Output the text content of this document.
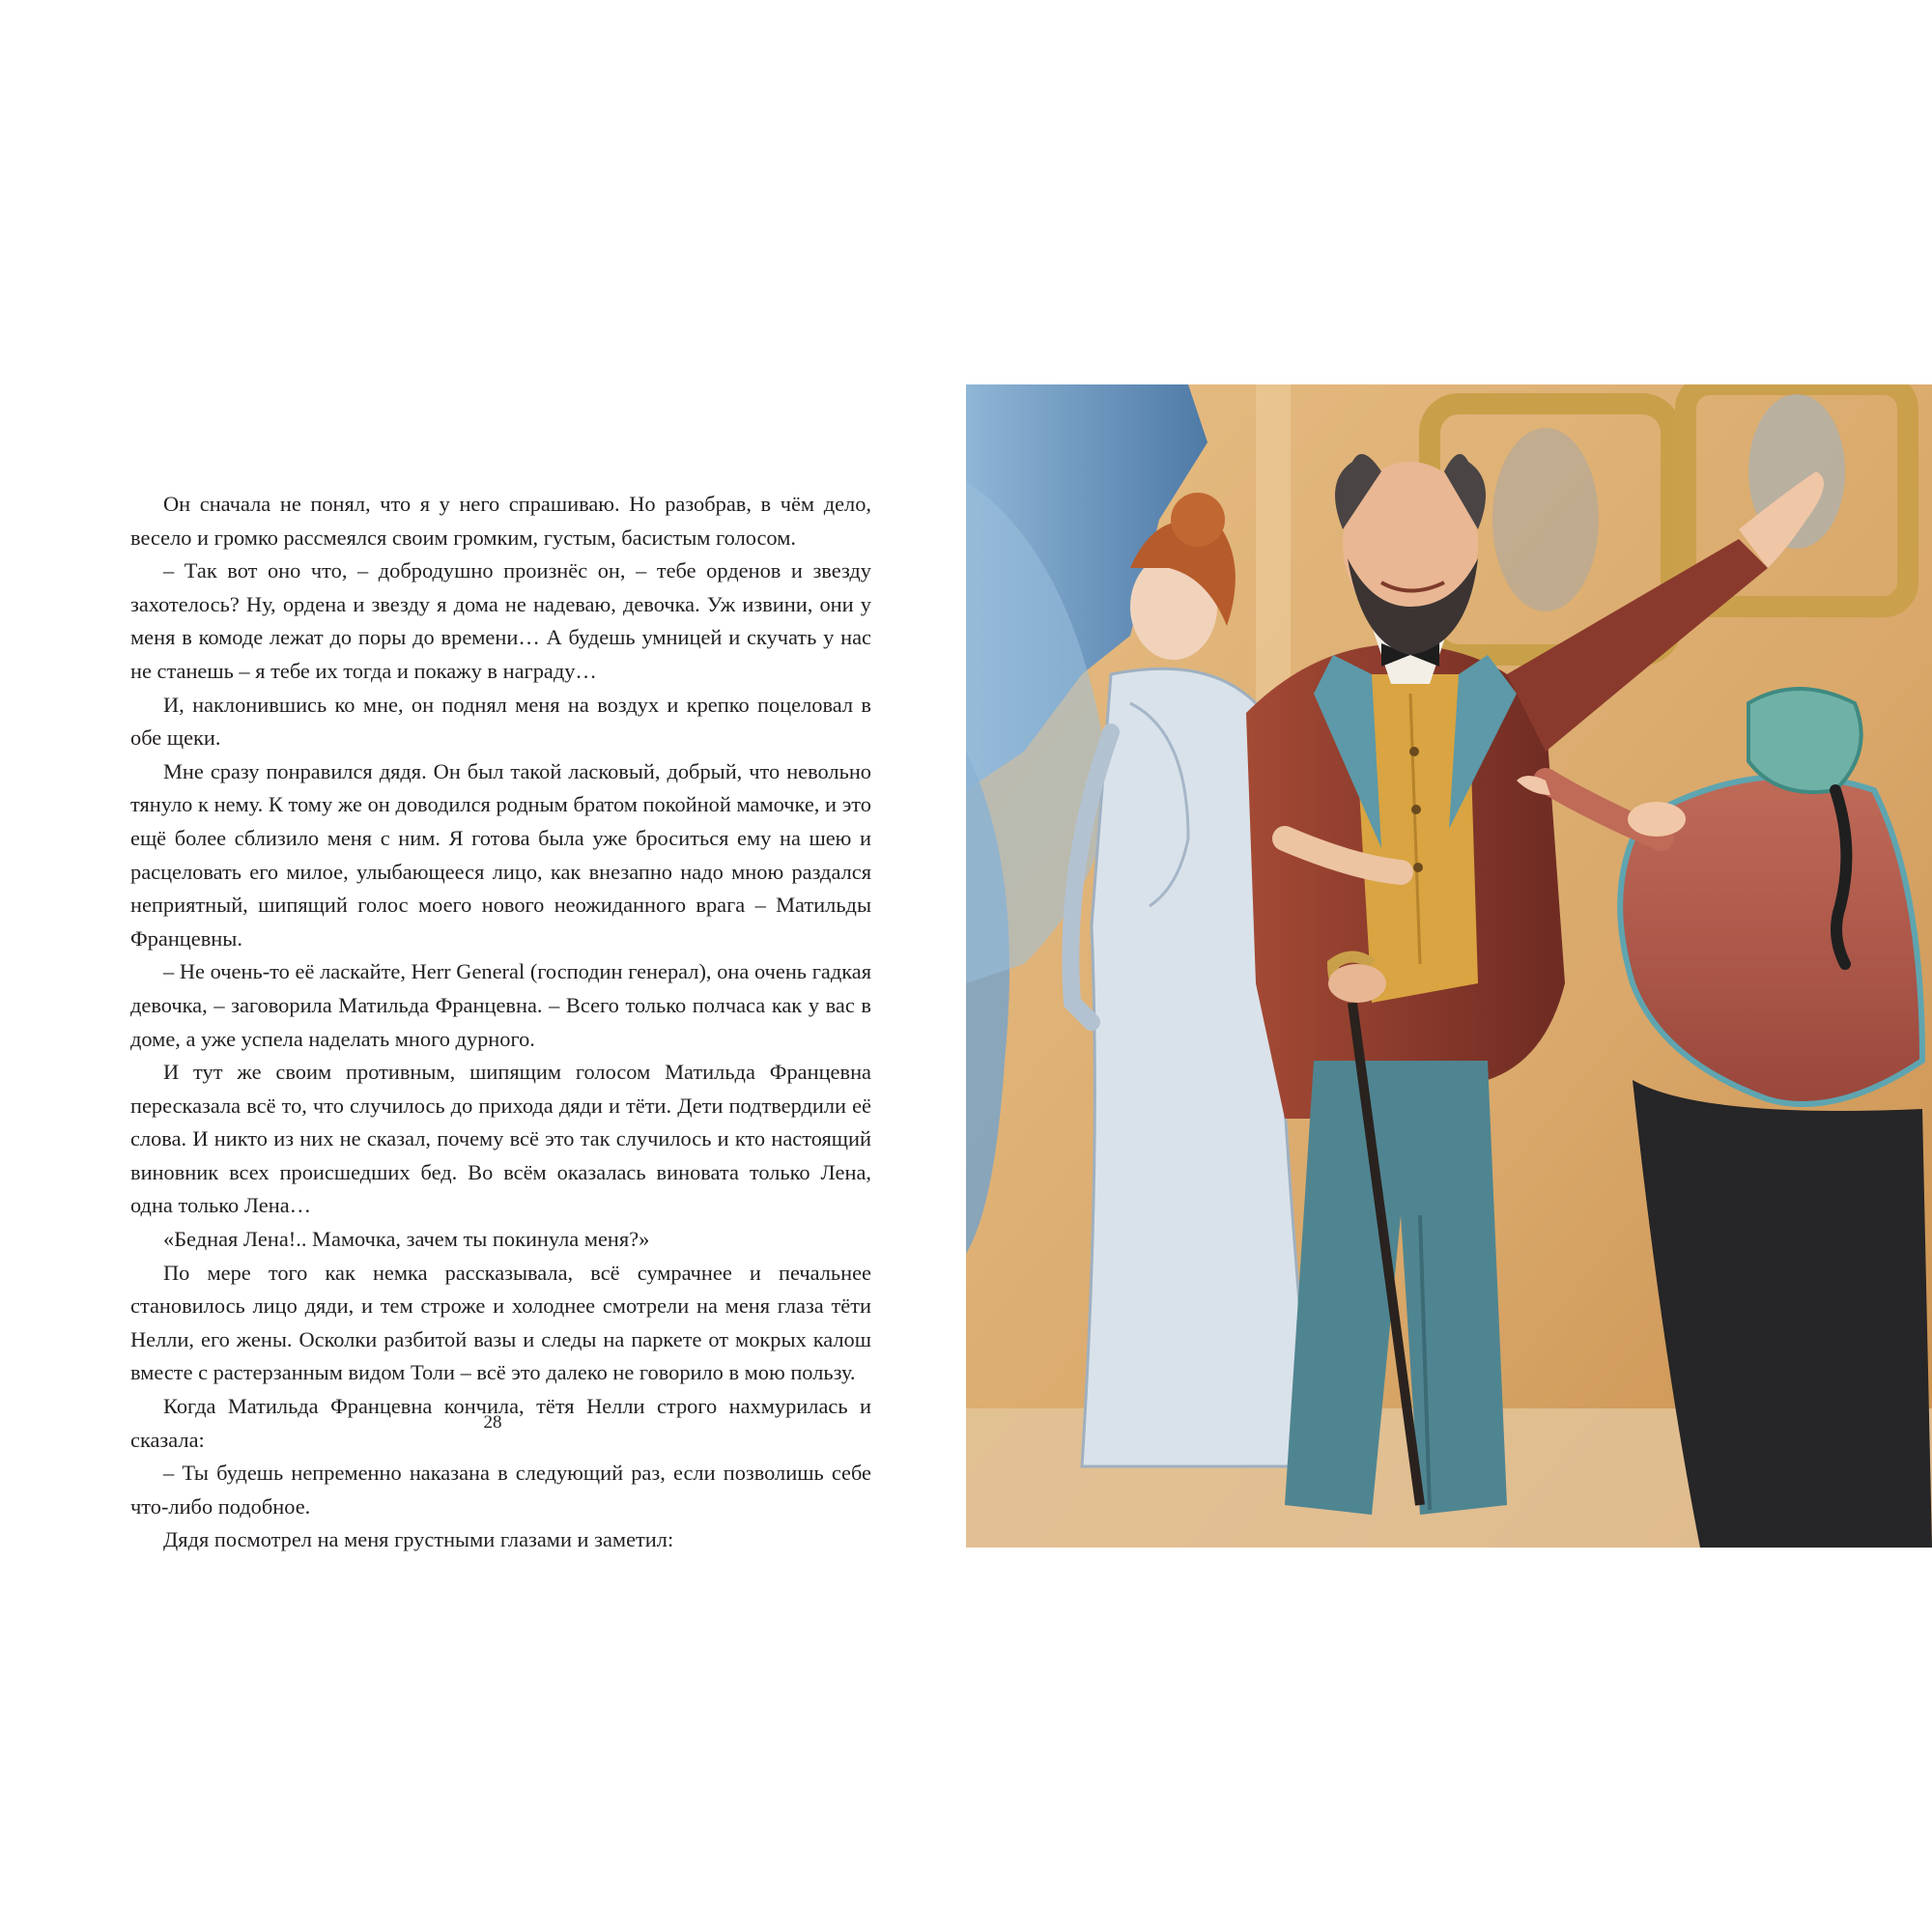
Он сначала не понял, что я у него спрашиваю. Но разобрав, в чём дело, весело и громко рассмеялся своим громким, густым, басистым голосом.

– Так вот оно что, – добродушно произнёс он, – тебе орденов и звезду захотелось? Ну, ордена и звезду я дома не надеваю, девочка. Уж извини, они у меня в комоде лежат до поры до времени… А будешь умницей и скучать у нас не станешь – я тебе их тогда и покажу в награду…

И, наклонившись ко мне, он поднял меня на воздух и крепко поцеловал в обе щеки.

Мне сразу понравился дядя. Он был такой ласковый, добрый, что невольно тянуло к нему. К тому же он доводился родным братом покойной мамочке, и это ещё более сблизило меня с ним. Я готова была уже броситься ему на шею и расцеловать его милое, улыбающееся лицо, как внезапно надо мною раздался неприятный, шипящий голос моего нового неожиданного врага – Матильды Францевны.

– Не очень-то её ласкайте, Herr General (господин генерал), она очень гадкая девочка, – заговорила Матильда Францевна. – Всего только полчаса как у вас в доме, а уже успела наделать много дурного.

И тут же своим противным, шипящим голосом Матильда Францевна пересказала всё то, что случилось до прихода дяди и тёти. Дети подтвердили её слова. И никто из них не сказал, почему всё это так случилось и кто настоящий виновник всех происшедших бед. Во всём оказалась виновата только Лена, одна только Лена…

«Бедная Лена!.. Мамочка, зачем ты покинула меня?»

По мере того как немка рассказывала, всё сумрачнее и печальнее становилось лицо дяди, и тем строже и холоднее смотрели на меня глаза тёти Нелли, его жены. Осколки разбитой вазы и следы на паркете от мокрых калош вместе с растерзанным видом Толи – всё это далеко не говорило в мою пользу.

Когда Матильда Францевна кончила, тётя Нелли строго нахмурилась и сказала:

– Ты будешь непременно наказана в следующий раз, если позволишь себе что-либо подобное.

Дядя посмотрел на меня грустными глазами и заметил:

28
